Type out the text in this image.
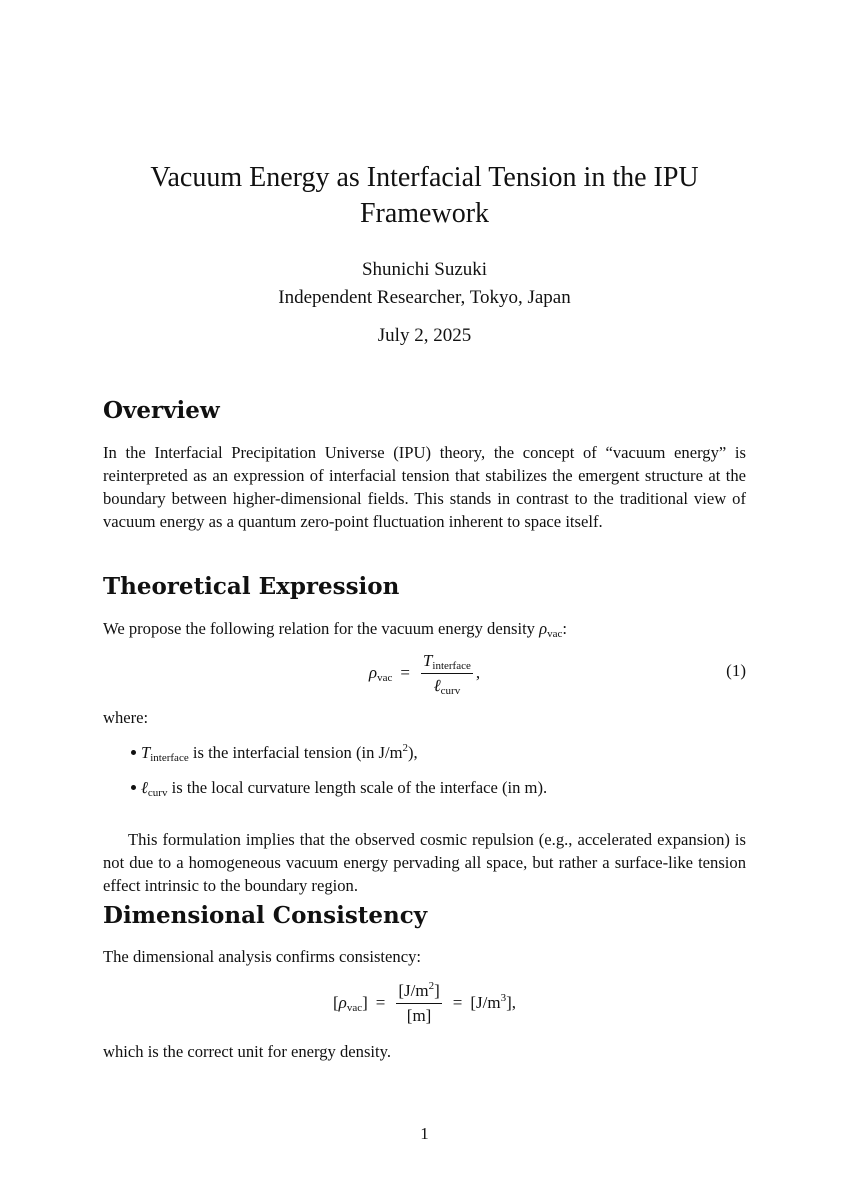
Vacuum Energy as Interfacial Tension in the IPU Framework
Shunichi Suzuki
Independent Researcher, Tokyo, Japan
July 2, 2025
Overview

In the Interfacial Precipitation Universe (IPU) theory, the concept of “vacuum energy” is reinterpreted as an expression of interfacial tension that stabilizes the emergent structure at the boundary between higher-dimensional fields. This stands in contrast to the traditional view of vacuum energy as a quantum zero-point fluctuation inherent to space itself.

Theoretical Expression

We propose the following relation for the vacuum energy density $\rho_{vac}$:

$\rho_{vac} = \frac{T_{interface}}{\ell_{curv}}$ ,	(1)

where:

$T_{interface}$ is the interfacial tension (in $J/m^2$),
ℓ$_{curv}$ is the local curvature length scale of the interface (in m).

This formulation implies that the observed cosmic repulsion (e.g., accelerated expansion) is not due to a homogeneous vacuum energy pervading all space, but rather a surface-like tension effect intrinsic to the boundary region.

Dimensional Consistency

The dimensional analysis confirms consistency:

[ $\rho_{vac}$ ] = $\frac{[J/m^2]}{[m]} = [J/m^3]$,

which is the correct unit for energy density.

1
